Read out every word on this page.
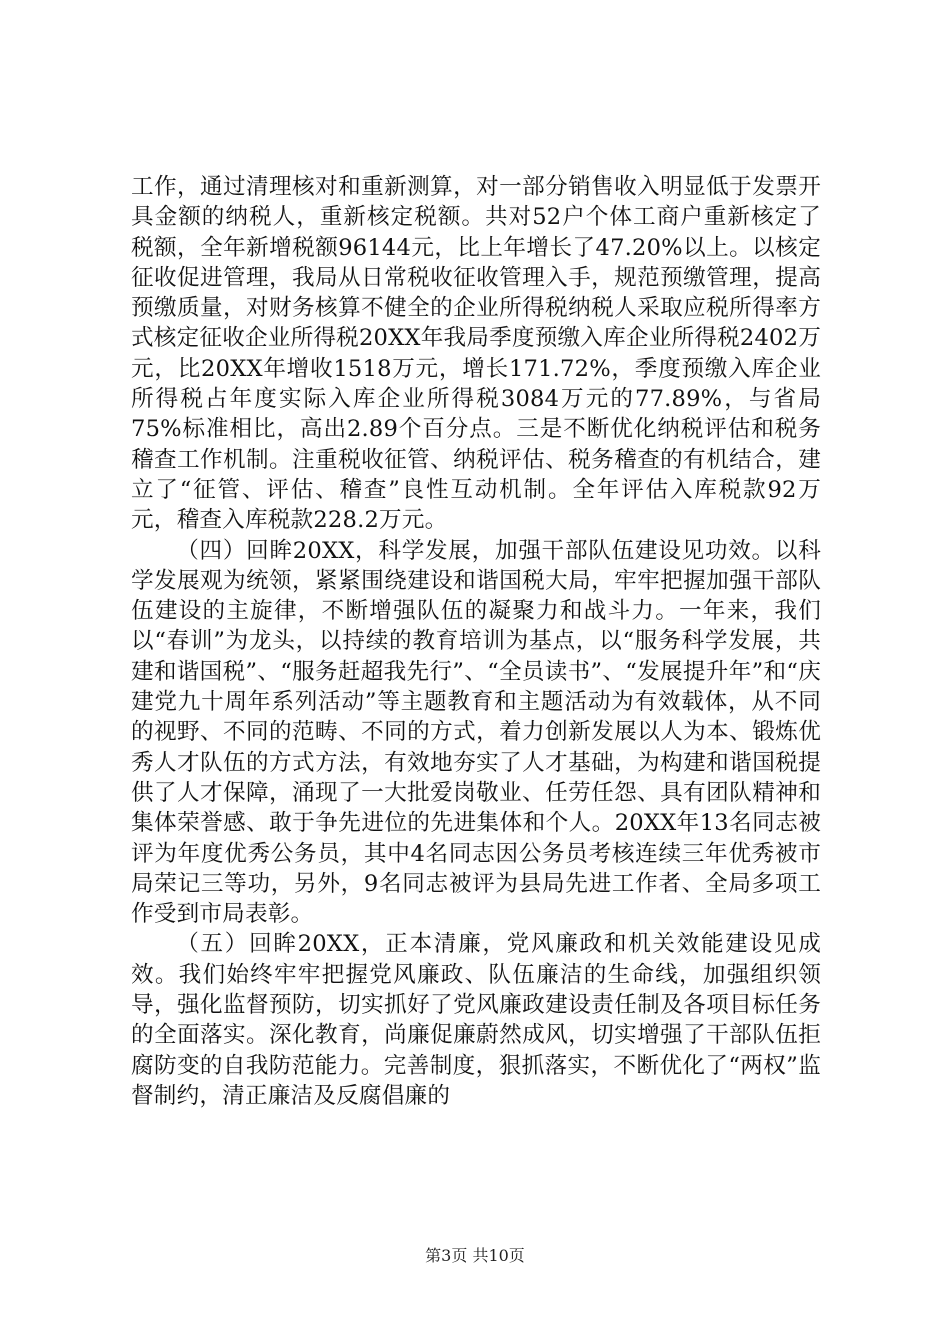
工作，通过清理核对和重新测算，对一部分销售收入明显低于发票开具金额的纳税人，重新核定税额。共对52户个体工商户重新核定了税额，全年新增税额96144元，比上年增长了47.20%以上。以核定征收促进管理，我局从日常税收征收管理入手，规范预缴管理，提高预缴质量，对财务核算不健全的企业所得税纳税人采取应税所得率方式核定征收企业所得税20XX年我局季度预缴入库企业所得税2402万元，比20XX年增收1518万元，增长171.72%，季度预缴入库企业所得税占年度实际入库企业所得税3084万元的77.89%，与省局75%标准相比，高出2.89个百分点。三是不断优化纳税评估和税务稽查工作机制。注重税收征管、纳税评估、税务稽查的有机结合，建立了“征管、评估、稽查”良性互动机制。全年评估入库税款92万元，稽查入库税款228.2万元。

（四）回眸20XX，科学发展，加强干部队伍建设见功效。以科学发展观为统领，紧紧围绕建设和谐国税大局，牢牢把握加强干部队伍建设的主旋律，不断增强队伍的凝聚力和战斗力。一年来，我们以“春训”为龙头，以持续的教育培训为基点，以“服务科学发展，共建和谐国税”、“服务赶超我先行”、“全员读书”、“发展提升年”和“庆建党九十周年系列活动”等主题教育和主题活动为有效载体，从不同的视野、不同的范畴、不同的方式，着力创新发展以人为本、锻炼优秀人才队伍的方式方法，有效地夯实了人才基础，为构建和谐国税提供了人才保障，涌现了一大批爱岗敬业、任劳任怨、具有团队精神和集体荣誉感、敢于争先进位的先进集体和个人。20XX年13名同志被评为年度优秀公务员，其中4名同志因公务员考核连续三年优秀被市局荣记三等功，另外，9名同志被评为县局先进工作者、全局多项工作受到市局表彰。

（五）回眸20XX，正本清廉，党风廉政和机关效能建设见成效。我们始终牢牢把握党风廉政、队伍廉洁的生命线，加强组织领导，强化监督预防，切实抓好了党风廉政建设责任制及各项目标任务的全面落实。深化教育，尚廉促廉蔚然成风，切实增强了干部队伍拒腐防变的自我防范能力。完善制度，狠抓落实，不断优化了“两权”监督制约，清正廉洁及反腐倡廉的

第3页 共10页
